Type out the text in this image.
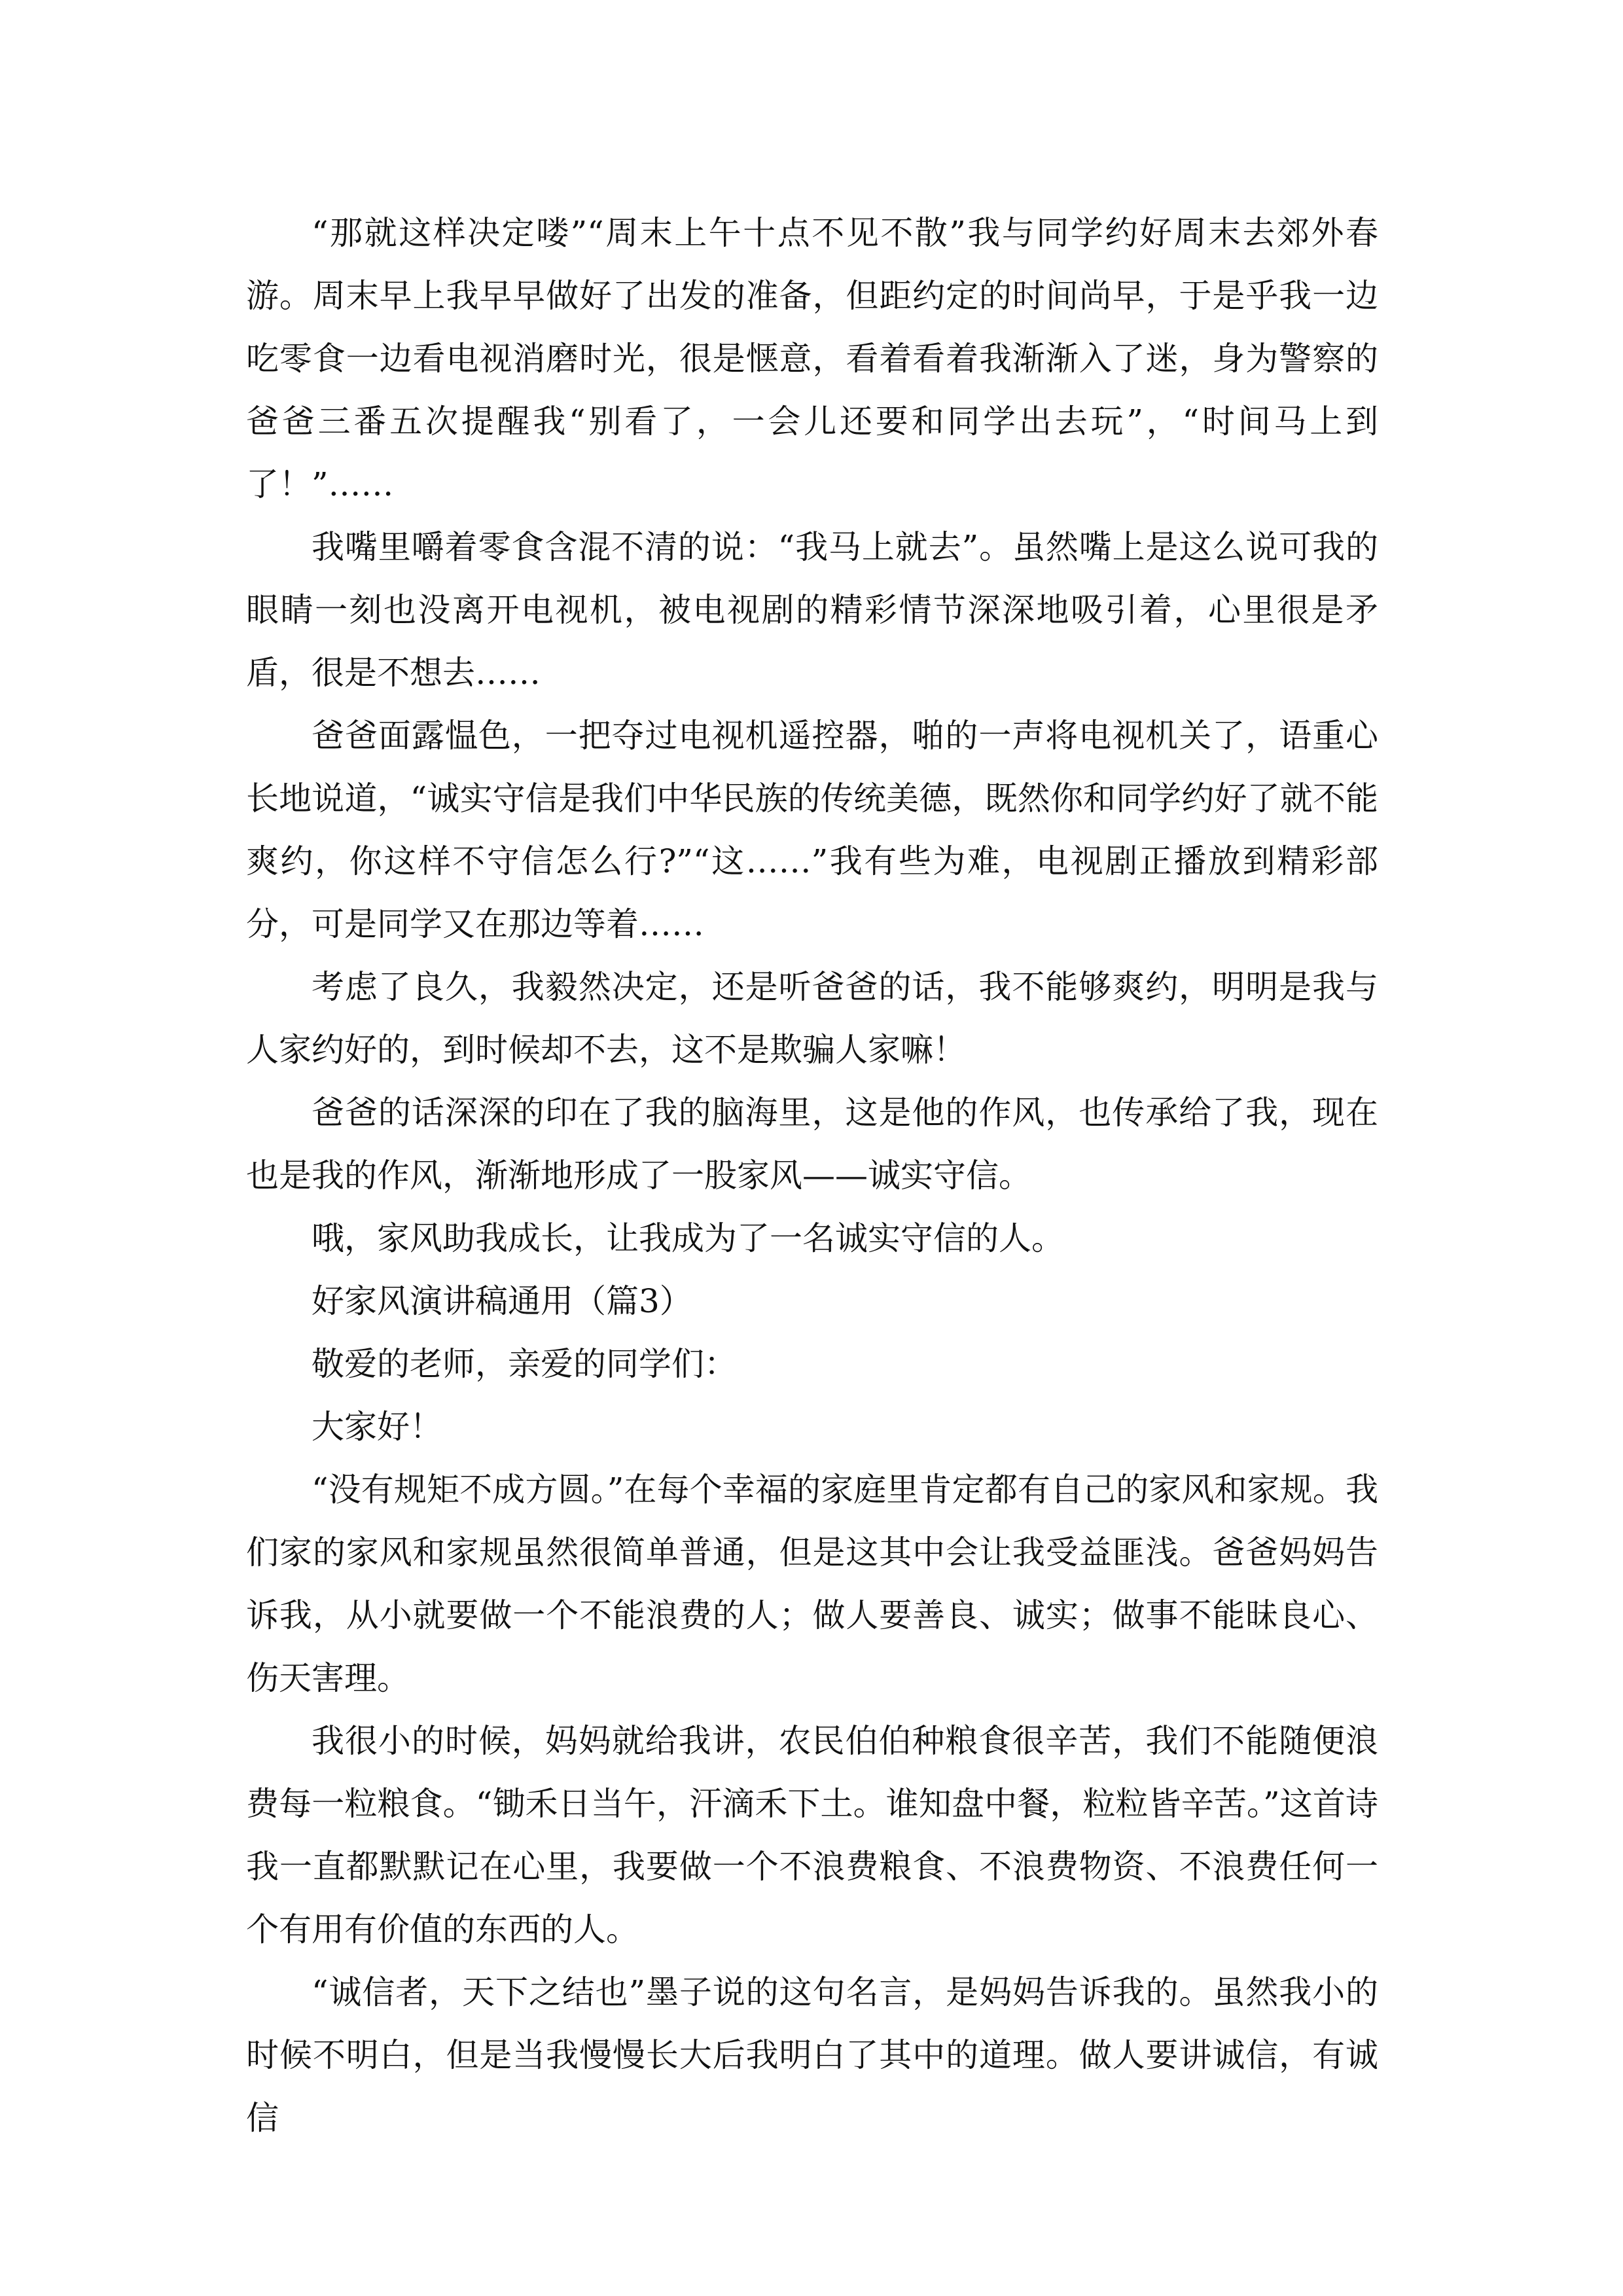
“那就这样决定喽”“周末上午十点不见不散”我与同学约好周末去郊外春游。周末早上我早早做好了出发的准备，但距约定的时间尚早，于是乎我一边吃零食一边看电视消磨时光，很是惬意，看着看着我渐渐入了迷，身为警察的爸爸三番五次提醒我“别看了，一会儿还要和同学出去玩”，“时间马上到了！”……

我嘴里嚼着零食含混不清的说：“我马上就去”。虽然嘴上是这么说可我的眼睛一刻也没离开电视机，被电视剧的精彩情节深深地吸引着，心里很是矛盾，很是不想去……

爸爸面露愠色，一把夺过电视机遥控器，啪的一声将电视机关了，语重心长地说道，“诚实守信是我们中华民族的传统美德，既然你和同学约好了就不能爽约，你这样不守信怎么行?”“这……”我有些为难，电视剧正播放到精彩部分，可是同学又在那边等着……

考虑了良久，我毅然决定，还是听爸爸的话，我不能够爽约，明明是我与人家约好的，到时候却不去，这不是欺骗人家嘛！

爸爸的话深深的印在了我的脑海里，这是他的作风，也传承给了我，现在也是我的作风，渐渐地形成了一股家风——诚实守信。

哦，家风助我成长，让我成为了一名诚实守信的人。

好家风演讲稿通用（篇3）

敬爱的老师，亲爱的同学们：

大家好！

“没有规矩不成方圆。”在每个幸福的家庭里肯定都有自己的家风和家规。我们家的家风和家规虽然很简单普通，但是这其中会让我受益匪浅。爸爸妈妈告诉我，从小就要做一个不能浪费的人；做人要善良、诚实；做事不能昧良心、伤天害理。

我很小的时候，妈妈就给我讲，农民伯伯种粮食很辛苦，我们不能随便浪费每一粒粮食。“锄禾日当午，汗滴禾下土。谁知盘中餐，粒粒皆辛苦。”这首诗我一直都默默记在心里，我要做一个不浪费粮食、不浪费物资、不浪费任何一个有用有价值的东西的人。

“诚信者，天下之结也”墨子说的这句名言，是妈妈告诉我的。虽然我小的时候不明白，但是当我慢慢长大后我明白了其中的道理。做人要讲诚信，有诚信
